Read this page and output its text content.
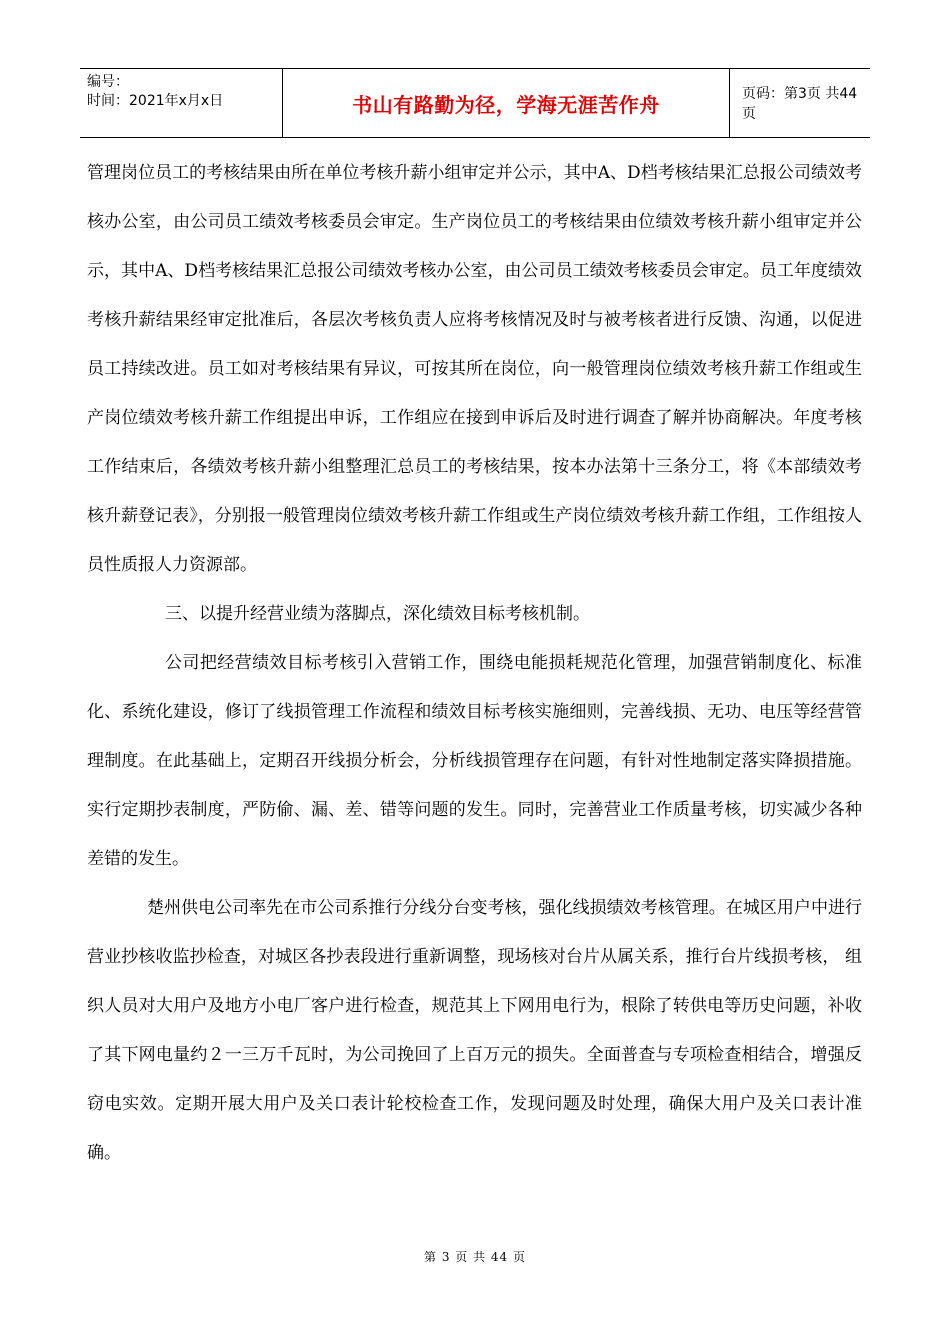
编号：
时间：2021年x月x日	书山有路勤为径，学海无涯苦作舟	页码：第3页 共44页

管理岗位员工的考核结果由所在单位考核升薪小组审定并公示，其中A、D档考核结果汇总报公司绩效考核办公室，由公司员工绩效考核委员会审定。生产岗位员工的考核结果由位绩效考核升薪小组审定并公示，其中A、D档考核结果汇总报公司绩效考核办公室，由公司员工绩效考核委员会审定。员工年度绩效考核升薪结果经审定批准后，各层次考核负责人应将考核情况及时与被考核者进行反馈、沟通，以促进员工持续改进。员工如对考核结果有异议，可按其所在岗位，向一般管理岗位绩效考核升薪工作组或生产岗位绩效考核升薪工作组提出申诉，工作组应在接到申诉后及时进行调查了解并协商解决。年度考核工作结束后，各绩效考核升薪小组整理汇总员工的考核结果，按本办法第十三条分工，将《本部绩效考核升薪登记表》，分别报一般管理岗位绩效考核升薪工作组或生产岗位绩效考核升薪工作组，工作组按人员性质报人力资源部。

三、以提升经营业绩为落脚点，深化绩效目标考核机制。

公司把经营绩效目标考核引入营销工作，围绕电能损耗规范化管理，加强营销制度化、标准化、系统化建设，修订了线损管理工作流程和绩效目标考核实施细则，完善线损、无功、电压等经营管理制度。在此基础上，定期召开线损分析会，分析线损管理存在问题，有针对性地制定落实降损措施。实行定期抄表制度，严防偷、漏、差、错等问题的发生。同时，完善营业工作质量考核，切实减少各种差错的发生。

楚州供电公司率先在市公司系推行分线分台变考核，强化线损绩效考核管理。在城区用户中进行营业抄核收监抄检查，对城区各抄表段进行重新调整，现场核对台片从属关系，推行台片线损考核， 组织人员对大用户及地方小电厂客户进行检查，规范其上下网用电行为，根除了转供电等历史问题，补收了其下网电量约２一三万千瓦时，为公司挽回了上百万元的损失。全面普查与专项检查相结合，增强反窃电实效。定期开展大用户及关口表计轮校检查工作，发现问题及时处理，确保大用户及关口表计准确。

第 3 页 共 44 页
